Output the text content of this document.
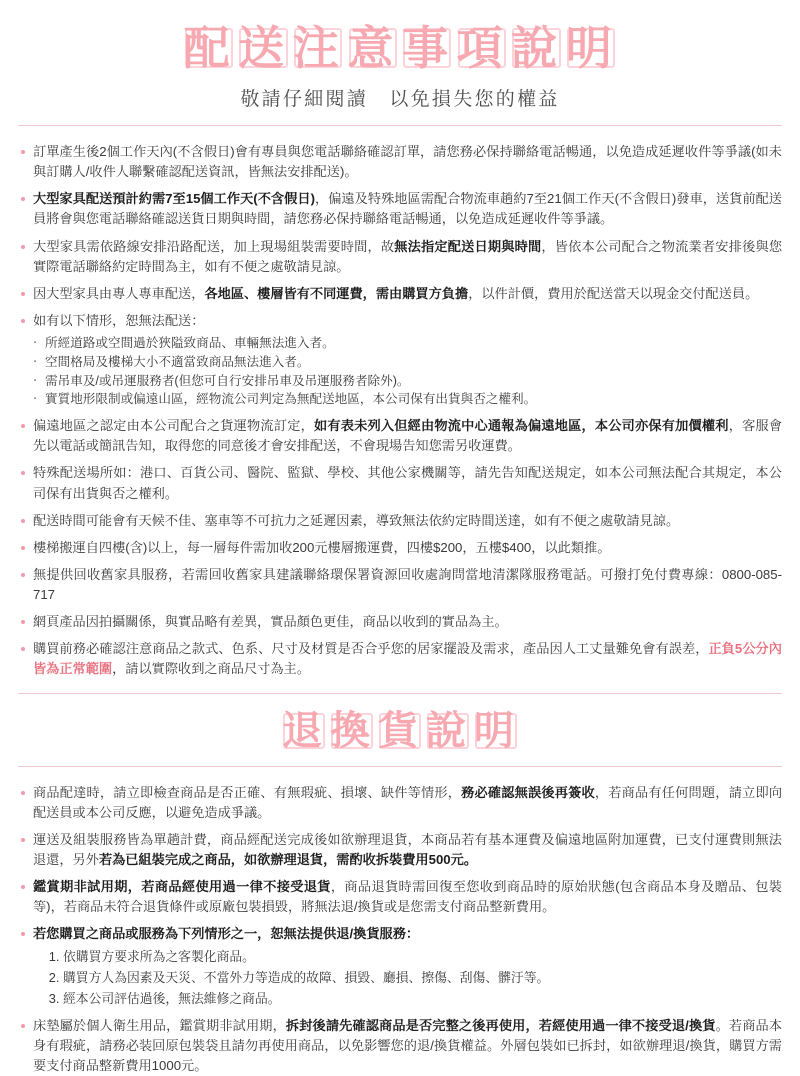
配送注意事項說明
敬請仔細閱讀　以免損失您的權益
訂單產生後2個工作天內(不含假日)會有專員與您電話聯絡確認訂單，請您務必保持聯絡電話暢通，以免造成延遲收件等爭議(如未與訂購人/收件人聯繫確認配送資訊，皆無法安排配送)。
大型家具配送預計約需7至15個工作天(不含假日)，偏遠及特殊地區需配合物流車趟約7至21個工作天(不含假日)發車，送貨前配送員將會與您電話聯絡確認送貨日期與時間，請您務必保持聯絡電話暢通，以免造成延遲收件等爭議。
大型家具需依路線安排沿路配送，加上現場組裝需要時間，故無法指定配送日期與時間，皆依本公司配合之物流業者安排後與您實際電話聯絡約定時間為主，如有不便之處敬請見諒。
因大型家具由專人專車配送，各地區、樓層皆有不同運費，需由購買方負擔，以件計價，費用於配送當天以現金交付配送員。
如有以下情形，恕無法配送：
‧ 所經道路或空間過於狹隘致商品、車輛無法進入者。
‧ 空間格局及樓梯大小不適當致商品無法進入者。
‧ 需吊車及/或吊運服務者(但您可自行安排吊車及吊運服務者除外)。
‧ 實質地形限制或偏遠山區，經物流公司判定為無配送地區，本公司保有出貨與否之權利。
偏遠地區之認定由本公司配合之貨運物流訂定，如有表未列入但經由物流中心通報為偏遠地區，本公司亦保有加價權利，客服會先以電話或簡訊告知，取得您的同意後才會安排配送，不會現場告知您需另收運費。
特殊配送場所如：港口、百貨公司、醫院、監獄、學校、其他公家機關等，請先告知配送規定，如本公司無法配合其規定，本公司保有出貨與否之權利。
配送時間可能會有天候不佳、塞車等不可抗力之延遲因素，導致無法依約定時間送達，如有不便之處敬請見諒。
樓梯搬運自四樓(含)以上，每一層每件需加收200元樓層搬運費，四樓$200，五樓$400，以此類推。
無提供回收舊家具服務，若需回收舊家具建議聯絡環保署資源回收處詢問當地清潔隊服務電話。可撥打免付費專線：0800-085-717
網頁產品因拍攝關係，與實品略有差異，實品顏色更佳，商品以收到的實品為主。
購買前務必確認注意商品之款式、色系、尺寸及材質是否合乎您的居家擺設及需求，產品因人工丈量難免會有誤差，正負5公分內皆為正常範圍，請以實際收到之商品尺寸為主。
退 換 貨 說 明
商品配達時，請立即檢查商品是否正確、有無瑕疵、損壞、缺件等情形，務必確認無誤後再簽收，若商品有任何問題，請立即向配送員或本公司反應，以避免造成爭議。
運送及組裝服務皆為單趟計費，商品經配送完成後如欲辦理退貨，本商品若有基本運費及偏遠地區附加運費，已支付運費則無法退還，另外若為已組裝完成之商品，如欲辦理退貨，需酌收拆裝費用500元。
鑑賞期非試用期，若商品經使用過一律不接受退貨，商品退貨時需回復至您收到商品時的原始狀態(包含商品本身及贈品、包裝等)，若商品未符合退貨條件或原廠包裝損毀，將無法退/換貨或是您需支付商品整新費用。
若您購買之商品或服務為下列情形之一，恕無法提供退/換貨服務：
1. 依購買方要求所為之客製化商品。
2. 購買方人為因素及天災、不當外力等造成的故障、損毀、廳損、擦傷、刮傷、髒汙等。
3. 經本公司評估過後，無法維修之商品。
床墊屬於個人衛生用品，鑑賞期非試用期，拆封後請先確認商品是否完整之後再使用，若經使用過一律不接受退/換貨。若商品本身有瑕疵，請務必装回原包裝袋且請勿再使用商品，以免影響您的退/換貨權益。外層包裝如已拆封，如欲辦理退/換貨，購買方需要支付商品整新費用1000元。
